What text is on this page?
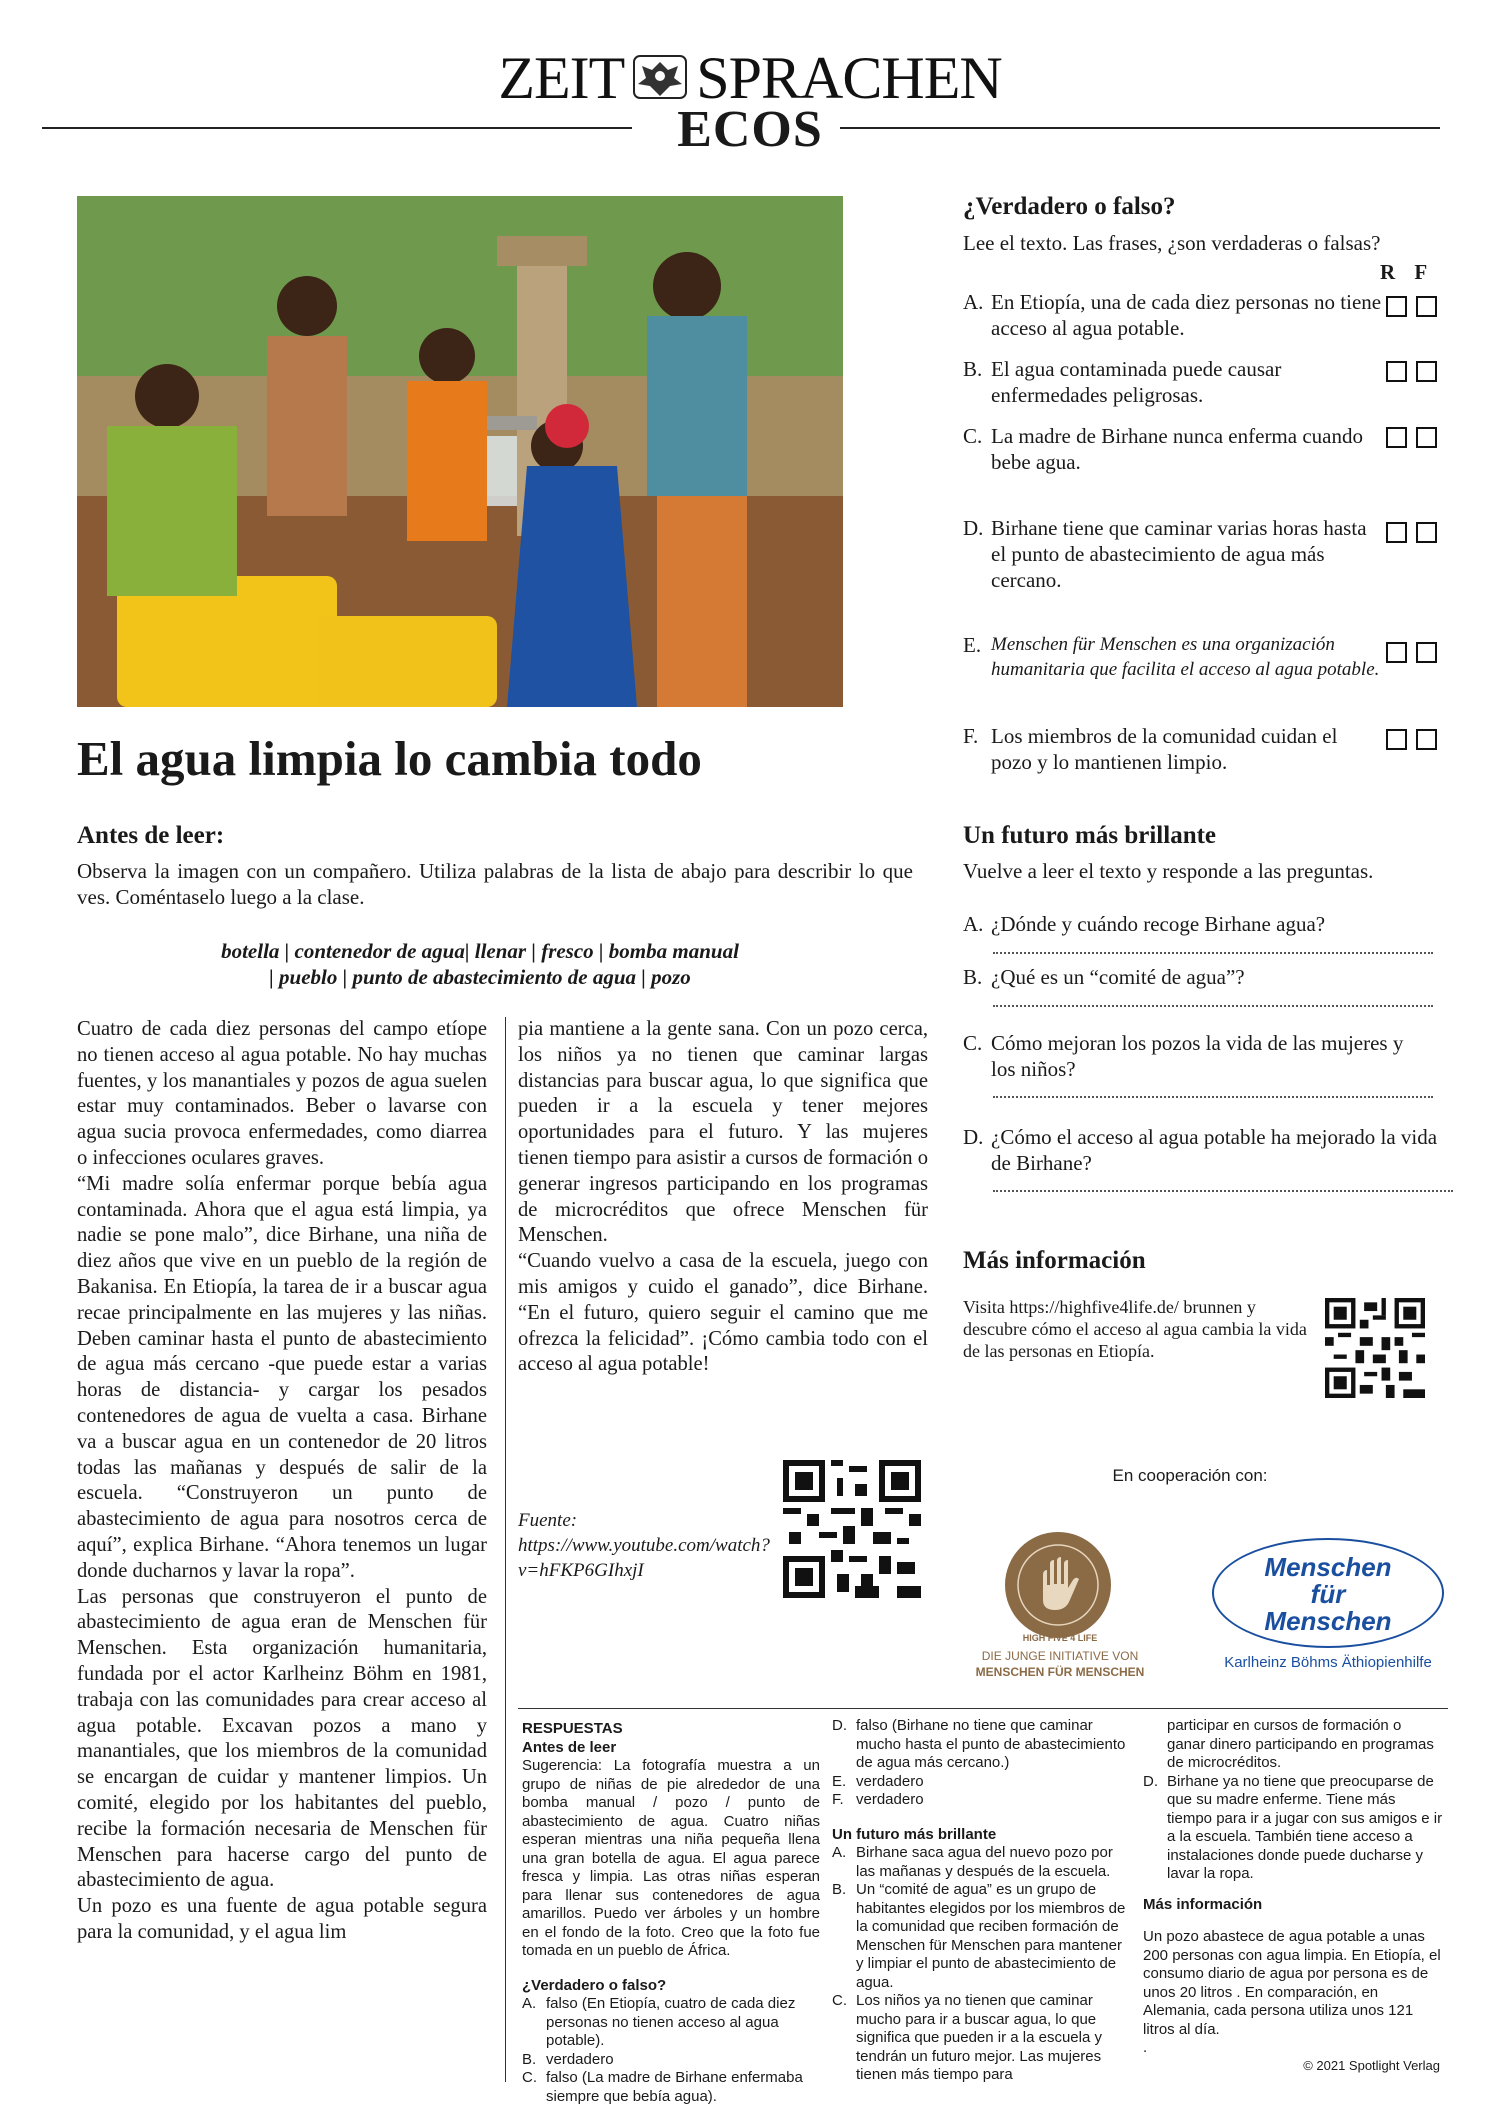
ZEIT SPRACHEN
ECOS
El agua limpia lo cambia todo
Antes de leer:
Observa la imagen con un compañero. Utiliza palabras de la lista de abajo para describir lo que ves. Coméntaselo luego a la clase.
botella | contenedor de agua| llenar | fresco | bomba manual
| pueblo | punto de abastecimiento de agua | pozo
Cuatro de cada diez personas del campo etíope no tienen acceso al agua potable. No hay muchas fuentes, y los manantiales y pozos de agua suelen estar muy contaminados. Beber o lavarse con agua sucia provoca enfermedades, como diarrea o infecciones oculares graves.
“Mi madre solía enfermar porque bebía agua contaminada. Ahora que el agua está limpia, ya nadie se pone malo”, dice Birhane, una niña de diez años que vive en un pueblo de la región de Bakanisa. En Etiopía, la tarea de ir a buscar agua recae principalmente en las mujeres y las niñas. Deben caminar hasta el punto de abastecimiento de agua más cercano -que puede estar a varias horas de distancia- y cargar los pesados contenedores de agua de vuelta a casa. Birhane va a buscar agua en un contenedor de 20 litros todas las mañanas y después de salir de la escuela. “Construyeron un punto de abastecimiento de agua para nosotros cerca de aquí”, explica Birhane. “Ahora tenemos un lugar donde ducharnos y lavar la ropa”.
Las personas que construyeron el punto de abastecimiento de agua eran de Menschen für Menschen. Esta organización humanitaria, fundada por el actor Karlheinz Böhm en 1981, trabaja con las comunidades para crear acceso al agua potable. Excavan pozos a mano y manantiales, que los miembros de la comunidad se encargan de cuidar y mantener limpios. Un comité, elegido por los habitantes del pueblo, recibe la formación necesaria de Menschen für Menschen para hacerse cargo del punto de abastecimiento de agua.
Un pozo es una fuente de agua potable segura para la comunidad, y el agua lim
pia mantiene a la gente sana. Con un pozo cerca, los niños ya no tienen que caminar largas distancias para buscar agua, lo que significa que pueden ir a la escuela y tener mejores oportunidades para el futuro. Y las mujeres tienen tiempo para asistir a cursos de formación o generar ingresos participando en los programas de microcréditos que ofrece Menschen für Menschen.
“Cuando vuelvo a casa de la escuela, juego con mis amigos y cuido el ganado”, dice Birhane. “En el futuro, quiero seguir el camino que me ofrezca la felicidad”. ¡Cómo cambia todo con el acceso al agua potable!
Fuente:
https://www.youtube.com/watch?v=hFKP6GIhxjI
¿Verdadero o falso?
Lee el texto. Las frases, ¿son verdaderas o falsas?
R F
A. En Etiopía, una de cada diez personas no tiene acceso al agua potable.
B. El agua contaminada puede causar enfermedades peligrosas.
C. La madre de Birhane nunca enferma cuando bebe agua.
D. Birhane tiene que caminar varias horas hasta el punto de abastecimiento de agua más cercano.
E. Menschen für Menschen es una organización humanitaria que facilita el acceso al agua potable.
F. Los miembros de la comunidad cuidan el pozo y lo mantienen limpio.
Un futuro más brillante
Vuelve a leer el texto y responde a las preguntas.
A. ¿Dónde y cuándo recoge Birhane agua?
B. ¿Qué es un “comité de agua”?
C. Cómo mejoran los pozos la vida de las mujeres y los niños?
D. ¿Cómo el acceso al agua potable ha mejorado la vida de Birhane?
Más información
Visita https://highfive4life.de/ brunnen y descubre cómo el acceso al agua cambia la vida de las personas en Etiopía.
En cooperación con:
HIGH FIVE 4 LIFE
DIE JUNGE INITIATIVE VON
MENSCHEN FÜR MENSCHEN
Menschen
für
Menschen
Karlheinz Böhms Äthiopienhilfe
RESPUESTAS
Antes de leer
Sugerencia: La fotografía muestra a un grupo de niñas de pie alrededor de una bomba manual / pozo / punto de abastecimiento de agua. Cuatro niñas esperan mientras una niña pequeña llena una gran botella de agua. El agua parece fresca y limpia. Las otras niñas esperan para llenar sus contenedores de agua amarillos. Puedo ver árboles y un hombre en el fondo de la foto. Creo que la foto fue tomada en un pueblo de África.
¿Verdadero o falso?
A. falso (En Etiopía, cuatro de cada diez personas no tienen acceso al agua potable).
B. verdadero
C. falso (La madre de Birhane enfermaba siempre que bebía agua).
D. falso (Birhane no tiene que caminar mucho hasta el punto de abastecimiento de agua más cercano.)
E. verdadero
F. verdadero
Un futuro más brillante
A. Birhane saca agua del nuevo pozo por las mañanas y después de la escuela.
B. Un “comité de agua” es un grupo de habitantes elegidos por los miembros de la comunidad que reciben formación de Menschen für Menschen para mantener y limpiar el punto de abastecimiento de agua.
C. Los niños ya no tienen que caminar mucho para ir a buscar agua, lo que significa que pueden ir a la escuela y tendrán un futuro mejor. Las mujeres tienen más tiempo para
participar en cursos de formación o ganar dinero participando en programas de microcréditos.
D. Birhane ya no tiene que preocuparse de que su madre enferme. Tiene más tiempo para ir a jugar con sus amigos e ir a la escuela. También tiene acceso a instalaciones donde puede ducharse y lavar la ropa.
Más información
Un pozo abastece de agua potable a unas 200 personas con agua limpia. En Etiopía, el consumo diario de agua por persona es de unos 20 litros . En comparación, en Alemania, cada persona utiliza unos 121 litros al día.
.
© 2021 Spotlight Verlag
